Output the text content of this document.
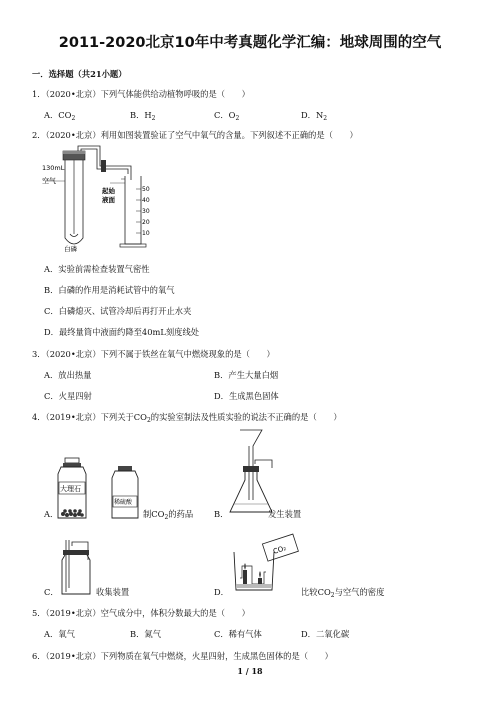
2011-2020北京10年中考真题化学汇编：地球周围的空气
一．选择题（共21小题）
1．（2020•北京）下列气体能供给动植物呼吸的是（　　）
A．$CO_2$	B．$H_2$	C．$O_2$	D．$N_2$
2．（2020•北京）利用如图装置验证了空气中氧气的含量。下列叙述不正确的是（　　）
130mL
空气
起始
液面
白磷
50
40
30
20
10
A．实验前需检查装置气密性
B．白磷的作用是消耗试管中的氧气
C．白磷熄灭、试管冷却后再打开止水夹
D．最终量筒中液面约降至40mL刻度线处
3．（2020•北京）下列不属于铁丝在氧气中燃烧现象的是（　　）
A．放出热量	B．产生大量白烟
C．火星四射	D．生成黑色固体
4．（2019•北京）下列关于$CO_2$的实验室制法及性质实验的说法不正确的是（　　）
大理石
稀硫酸
A．	制$CO_2$的药品	B．	发生装置
C．	收集装置
CO₂
D．	比较$CO_2$与空气的密度
5．（2019•北京）空气成分中，体积分数最大的是（　　）
A．氧气	B．氮气	C．稀有气体	D．二氧化碳
6．（2019•北京）下列物质在氧气中燃烧，火星四射，生成黑色固体的是（　　）
1 / 18
